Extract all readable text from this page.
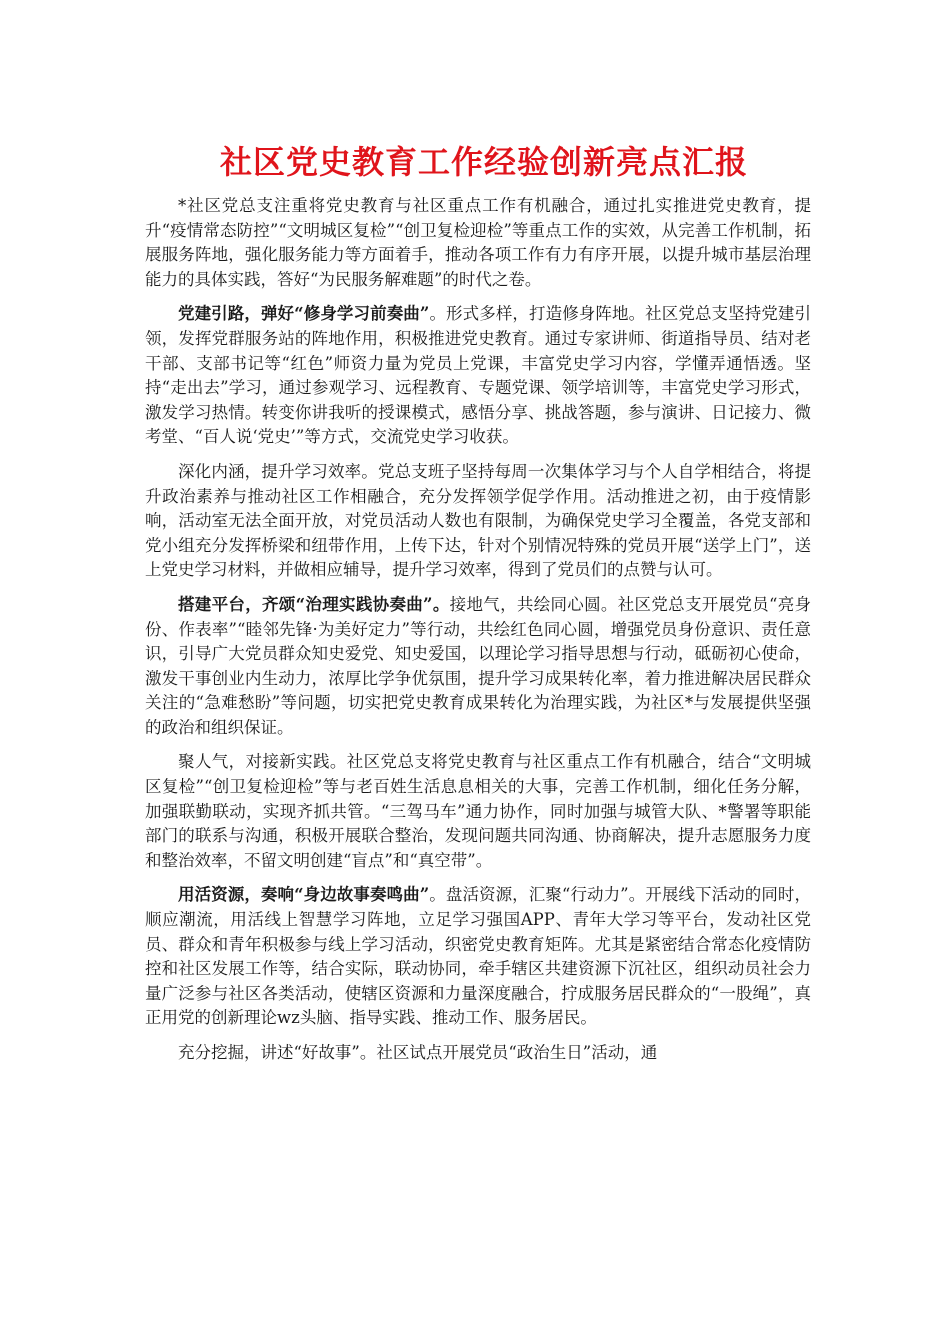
社区党史教育工作经验创新亮点汇报

*社区党总支注重将党史教育与社区重点工作有机融合，通过扎实推进党史教育，提升“疫情常态防控”“文明城区复检”“创卫复检迎检”等重点工作的实效，从完善工作机制，拓展服务阵地，强化服务能力等方面着手，推动各项工作有力有序开展，以提升城市基层治理能力的具体实践，答好“为民服务解难题”的时代之卷。

党建引路，弹好“修身学习前奏曲”。形式多样，打造修身阵地。社区党总支坚持党建引领，发挥党群服务站的阵地作用，积极推进党史教育。通过专家讲师、街道指导员、结对老干部、支部书记等“红色”师资力量为党员上党课，丰富党史学习内容，学懂弄通悟透。坚持“走出去”学习，通过参观学习、远程教育、专题党课、领学培训等，丰富党史学习形式，激发学习热情。转变你讲我听的授课模式，感悟分享、挑战答题，参与演讲、日记接力、微考堂、“百人说‘党史’”等方式，交流党史学习收获。

深化内涵，提升学习效率。党总支班子坚持每周一次集体学习与个人自学相结合，将提升政治素养与推动社区工作相融合，充分发挥领学促学作用。活动推进之初，由于疫情影响，活动室无法全面开放，对党员活动人数也有限制，为确保党史学习全覆盖，各党支部和党小组充分发挥桥梁和纽带作用，上传下达，针对个别情况特殊的党员开展“送学上门”，送上党史学习材料，并做相应辅导，提升学习效率，得到了党员们的点赞与认可。

搭建平台，齐颂“治理实践协奏曲”。接地气，共绘同心圆。社区党总支开展党员“亮身份、作表率”“睦邻先锋·为美好定力”等行动，共绘红色同心圆，增强党员身份意识、责任意识，引导广大党员群众知史爱党、知史爱国，以理论学习指导思想与行动，砥砺初心使命，激发干事创业内生动力，浓厚比学争优氛围，提升学习成果转化率，着力推进解决居民群众关注的“急难愁盼”等问题，切实把党史教育成果转化为治理实践，为社区*与发展提供坚强的政治和组织保证。

聚人气，对接新实践。社区党总支将党史教育与社区重点工作有机融合，结合“文明城区复检”“创卫复检迎检”等与老百姓生活息息相关的大事，完善工作机制，细化任务分解，加强联勤联动，实现齐抓共管。“三驾马车”通力协作，同时加强与城管大队、*警署等职能部门的联系与沟通，积极开展联合整治，发现问题共同沟通、协商解决，提升志愿服务力度和整治效率，不留文明创建“盲点”和“真空带”。

用活资源，奏响“身边故事奏鸣曲”。盘活资源，汇聚“行动力”。开展线下活动的同时，顺应潮流，用活线上智慧学习阵地，立足学习强国APP、青年大学习等平台，发动社区党员、群众和青年积极参与线上学习活动，织密党史教育矩阵。尤其是紧密结合常态化疫情防控和社区发展工作等，结合实际，联动协同，牵手辖区共建资源下沉社区，组织动员社会力量广泛参与社区各类活动，使辖区资源和力量深度融合，拧成服务居民群众的“一股绳”，真正用党的创新理论wz头脑、指导实践、推动工作、服务居民。

充分挖掘，讲述“好故事”。社区试点开展党员“政治生日”活动，通
